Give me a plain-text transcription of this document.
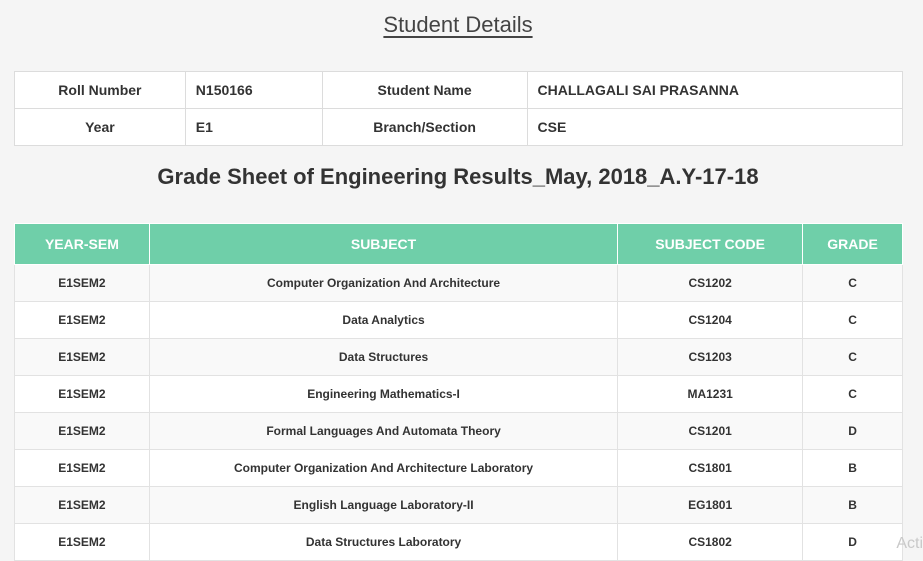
Student Details
Roll Number	N150166	Student Name	CHALLAGALI SAI PRASANNA
Year	E1	Branch/Section	CSE
Grade Sheet of Engineering Results_May, 2018_A.Y-17-18
YEAR-SEM	SUBJECT	SUBJECT CODE	GRADE
E1SEM2	Computer Organization And Architecture	CS1202	C
E1SEM2	Data Analytics	CS1204	C
E1SEM2	Data Structures	CS1203	C
E1SEM2	Engineering Mathematics-I	MA1231	C
E1SEM2	Formal Languages And Automata Theory	CS1201	D
E1SEM2	Computer Organization And Architecture Laboratory	CS1801	B
E1SEM2	English Language Laboratory-II	EG1801	B
E1SEM2	Data Structures Laboratory	CS1802	D Acti
